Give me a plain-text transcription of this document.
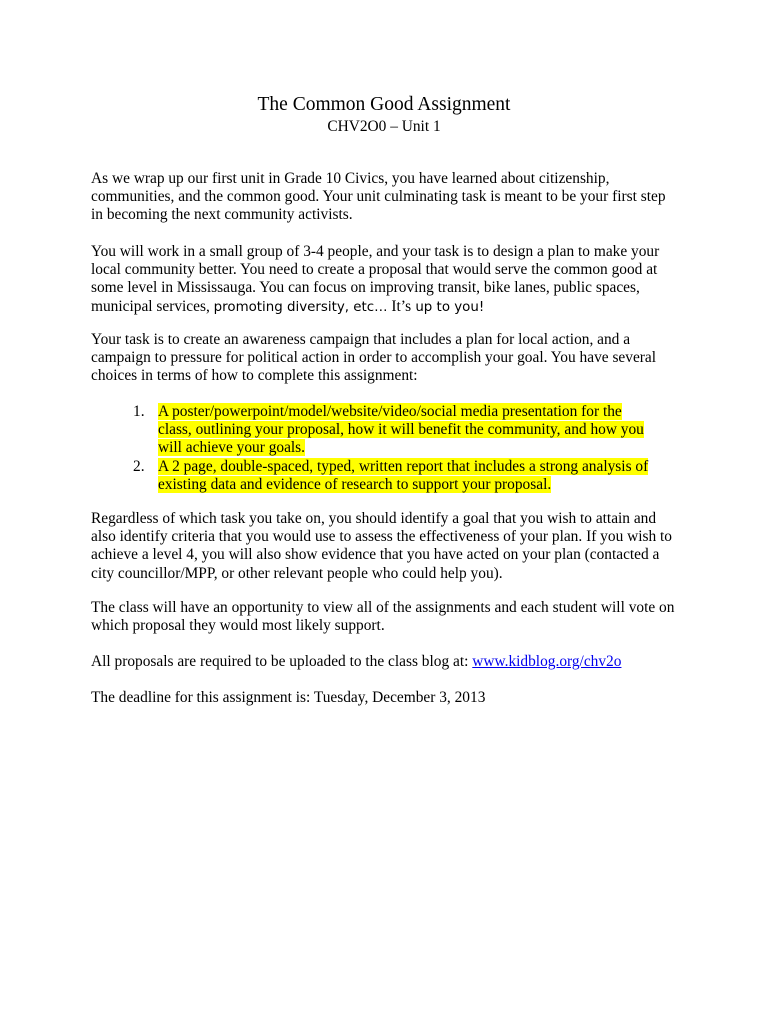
The Common Good Assignment
CHV2O0 – Unit 1

As we wrap up our first unit in Grade 10 Civics, you have learned about citizenship, communities, and the common good. Your unit culminating task is meant to be your first step in becoming the next community activists.

You will work in a small group of 3-4 people, and your task is to design a plan to make your local community better. You need to create a proposal that would serve the common good at some level in Mississauga. You can focus on improving transit, bike lanes, public spaces, municipal services, promoting diversity, etc… It’s up to you!

Your task is to create an awareness campaign that includes a plan for local action, and a campaign to pressure for political action in order to accomplish your goal. You have several choices in terms of how to complete this assignment:

1. A poster/powerpoint/model/website/video/social media presentation for the class, outlining your proposal, how it will benefit the community, and how you will achieve your goals.
2. A 2 page, double-spaced, typed, written report that includes a strong analysis of existing data and evidence of research to support your proposal.

Regardless of which task you take on, you should identify a goal that you wish to attain and also identify criteria that you would use to assess the effectiveness of your plan. If you wish to achieve a level 4, you will also show evidence that you have acted on your plan (contacted a city councillor/MPP, or other relevant people who could help you).

The class will have an opportunity to view all of the assignments and each student will vote on which proposal they would most likely support.

All proposals are required to be uploaded to the class blog at: www.kidblog.org/chv2o

The deadline for this assignment is: Tuesday, December 3, 2013
